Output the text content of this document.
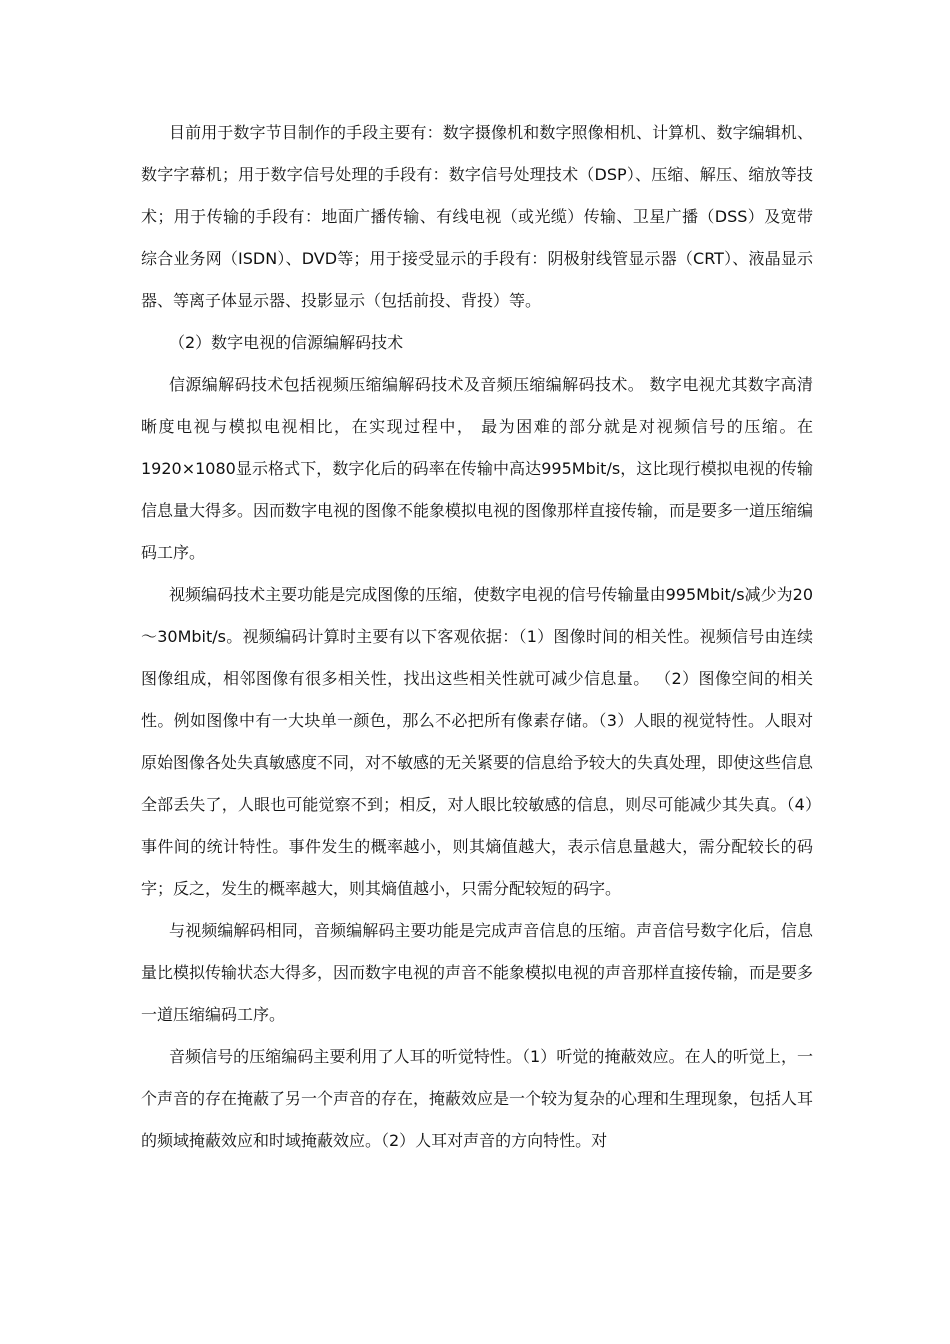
目前用于数字节目制作的手段主要有：数字摄像机和数字照像相机、计算机、数字编辑机、数字字幕机；用于数字信号处理的手段有：数字信号处理技术（DSP）、压缩、解压、缩放等技术；用于传输的手段有：地面广播传输、有线电视（或光缆）传输、卫星广播（DSS）及宽带综合业务网（ISDN）、DVD等；用于接受显示的手段有：阴极射线管显示器（CRT）、液晶显示器、等离子体显示器、投影显示（包括前投、背投）等。

（2）数字电视的信源编解码技术

信源编解码技术包括视频压缩编解码技术及音频压缩编解码技术。 数字电视尤其数字高清晰度电视与模拟电视相比，在实现过程中， 最为困难的部分就是对视频信号的压缩。在1920×1080显示格式下，数字化后的码率在传输中高达995Mbit/s，这比现行模拟电视的传输信息量大得多。因而数字电视的图像不能象模拟电视的图像那样直接传输，而是要多一道压缩编码工序。

视频编码技术主要功能是完成图像的压缩，使数字电视的信号传输量由995Mbit/s减少为20～30Mbit/s。视频编码计算时主要有以下客观依据：（1）图像时间的相关性。视频信号由连续图像组成，相邻图像有很多相关性，找出这些相关性就可减少信息量。 （2）图像空间的相关性。例如图像中有一大块单一颜色，那么不必把所有像素存储。（3）人眼的视觉特性。人眼对原始图像各处失真敏感度不同，对不敏感的无关紧要的信息给予较大的失真处理，即使这些信息全部丢失了，人眼也可能觉察不到；相反，对人眼比较敏感的信息，则尽可能减少其失真。（4）事件间的统计特性。事件发生的概率越小，则其熵值越大，表示信息量越大，需分配较长的码字；反之，发生的概率越大，则其熵值越小，只需分配较短的码字。

与视频编解码相同，音频编解码主要功能是完成声音信息的压缩。声音信号数字化后，信息量比模拟传输状态大得多，因而数字电视的声音不能象模拟电视的声音那样直接传输，而是要多一道压缩编码工序。

音频信号的压缩编码主要利用了人耳的听觉特性。（1）听觉的掩蔽效应。在人的听觉上，一个声音的存在掩蔽了另一个声音的存在，掩蔽效应是一个较为复杂的心理和生理现象，包括人耳的频域掩蔽效应和时域掩蔽效应。（2）人耳对声音的方向特性。对
